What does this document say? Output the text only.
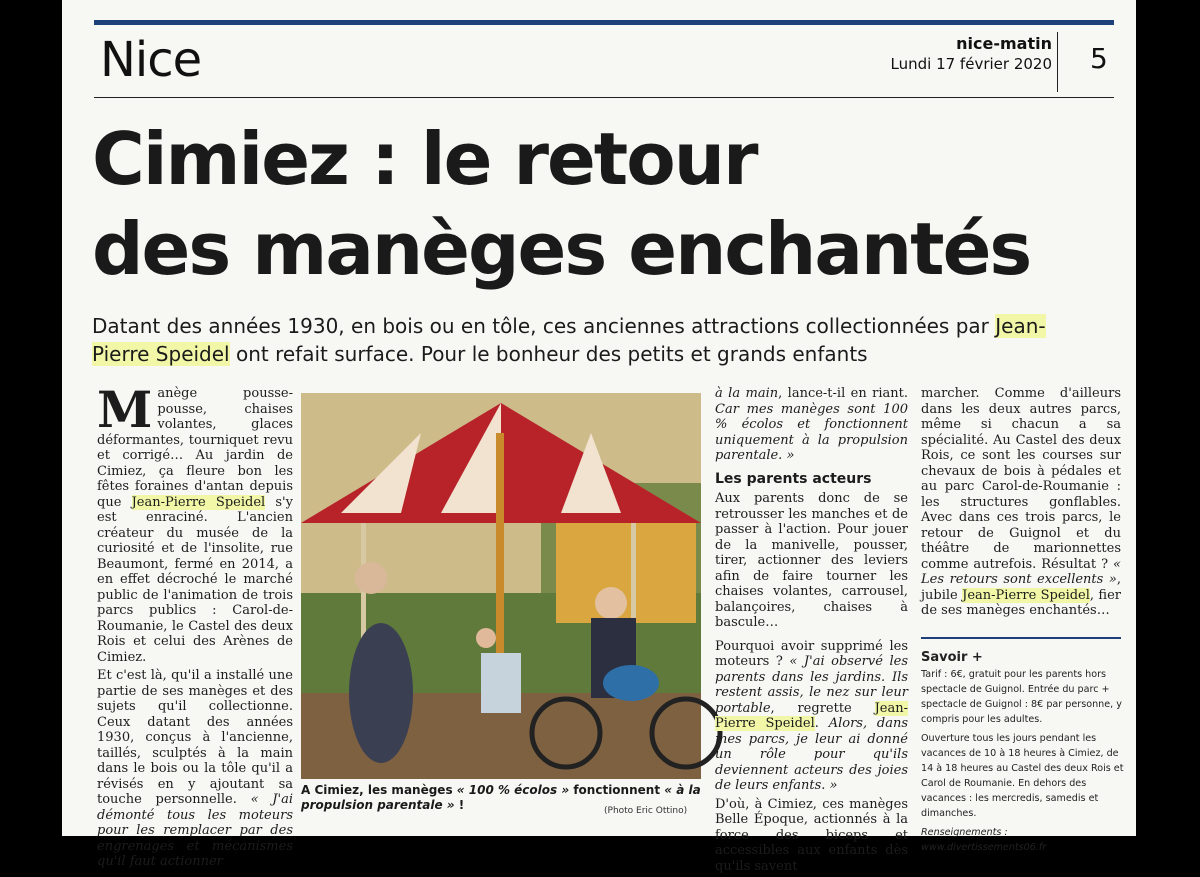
Nice	nice-matin
Lundi 17 février 2020 5
Cimiez : le retour
des manèges enchantés
Datant des années 1930, en bois ou en tôle, ces anciennes attractions collectionnées par Jean-Pierre Speidel ont refait surface. Pour le bonheur des petits et grands enfants

Manège pousse-pousse, chaises volantes, glaces déformantes, tourniquet revu et corrigé… Au jardin de Cimiez, ça fleure bon les fêtes foraines d'antan depuis que Jean-Pierre Speidel s'y est enraciné. L'ancien créateur du musée de la curiosité et de l'insolite, rue Beaumont, fermé en 2014, a en effet décroché le marché public de l'animation de trois parcs publics : Carol-de-Roumanie, le Castel des deux Rois et celui des Arènes de Cimiez.

Et c'est là, qu'il a installé une partie de ses manèges et des sujets qu'il collectionne. Ceux datant des années 1930, conçus à l'ancienne, taillés, sculptés à la main dans le bois ou la tôle qu'il a révisés en y ajoutant sa touche personnelle. « J'ai démonté tous les moteurs pour les remplacer par des engrenages et mécanismes qu'il faut actionner

A Cimiez, les manèges « 100 % écolos » fonctionnent « à la propulsion parentale » !	(Photo Eric Ottino)

à la main, lance-t-il en riant. Car mes manèges sont 100 % écolos et fonctionnent uniquement à la propulsion parentale. »

Les parents acteurs

Aux parents donc de se retrousser les manches et de passer à l'action. Pour jouer de la manivelle, pousser, tirer, actionner des leviers afin de faire tourner les chaises volantes, carrousel, balançoires, chaises à bascule…

Pourquoi avoir supprimé les moteurs ? « J'ai observé les parents dans les jardins. Ils restent assis, le nez sur leur portable, regrette Jean-Pierre Speidel. Alors, dans mes parcs, je leur ai donné un rôle pour qu'ils deviennent acteurs des joies de leurs enfants. »

D'où, à Cimiez, ces manèges Belle Époque, actionnés à la force des biceps et accessibles aux enfants dès qu'ils savent

marcher. Comme d'ailleurs dans les deux autres parcs, même si chacun a sa spécialité. Au Castel des deux Rois, ce sont les courses sur chevaux de bois à pédales et au parc Carol-de-Roumanie : les structures gonflables. Avec dans ces trois parcs, le retour de Guignol et du théâtre de marionnettes comme autrefois. Résultat ? « Les retours sont excellents », jubile Jean-Pierre Speidel, fier de ses manèges enchantés…

Savoir +

Tarif : 6€, gratuit pour les parents hors spectacle de Guignol. Entrée du parc + spectacle de Guignol : 8€ par personne, y compris pour les adultes.

Ouverture tous les jours pendant les vacances de 10 à 18 heures à Cimiez, de 14 à 18 heures au Castel des deux Rois et Carol de Roumanie. En dehors des vacances : les mercredis, samedis et dimanches.

Renseignements : www.divertissements06.fr
